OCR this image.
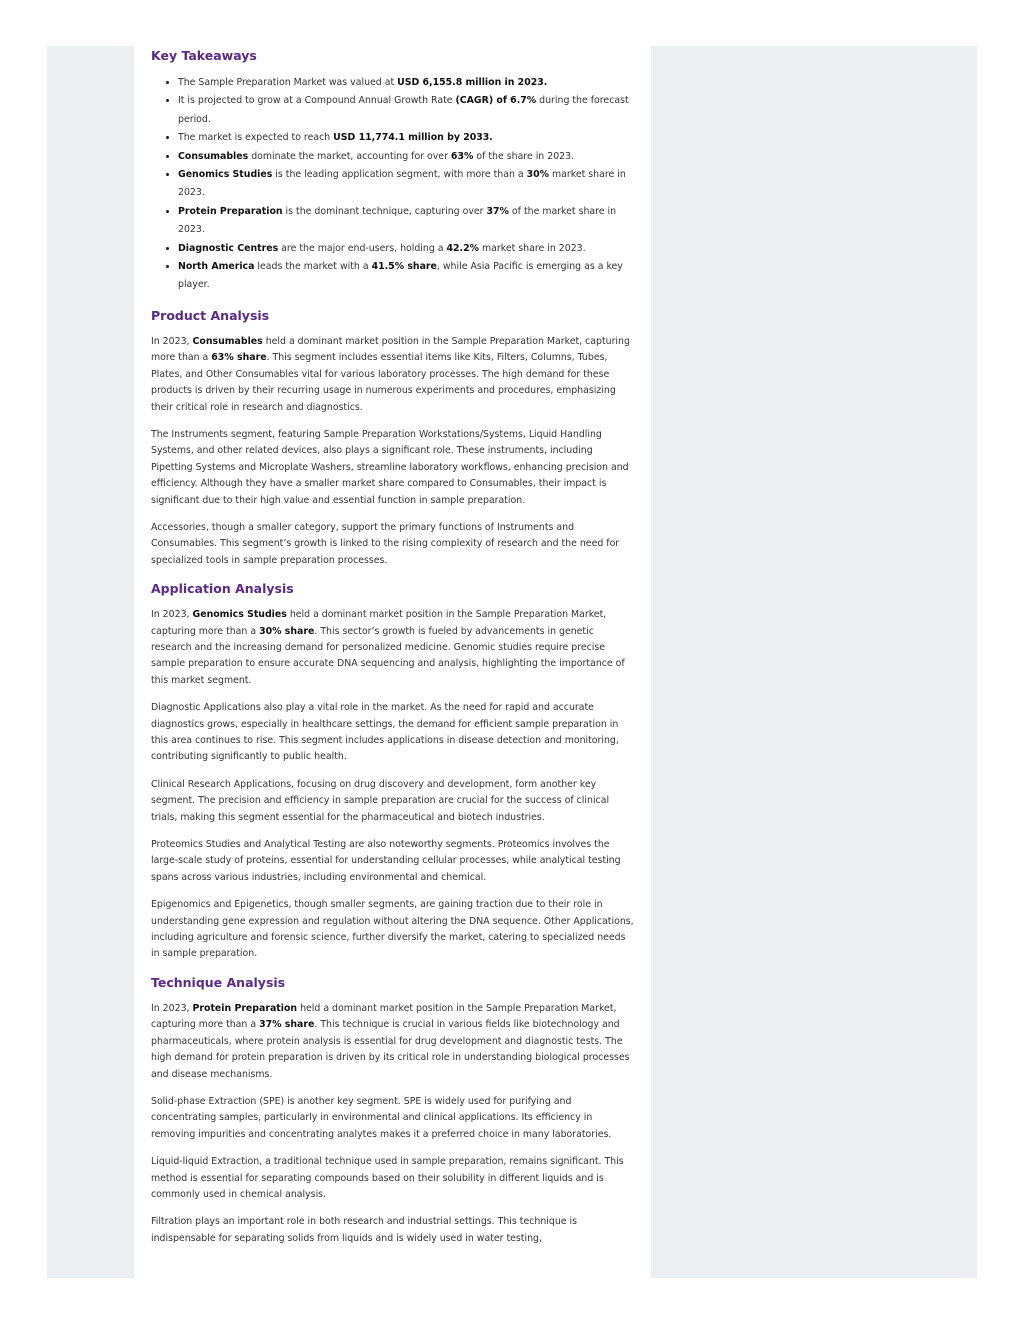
Key Takeaways
• The Sample Preparation Market was valued at USD 6,155.8 million in 2023.
• It is projected to grow at a Compound Annual Growth Rate (CAGR) of 6.7% during the forecast period.
• The market is expected to reach USD 11,774.1 million by 2033.
• Consumables dominate the market, accounting for over 63% of the share in 2023.
• Genomics Studies is the leading application segment, with more than a 30% market share in 2023.
• Protein Preparation is the dominant technique, capturing over 37% of the market share in 2023.
• Diagnostic Centres are the major end-users, holding a 42.2% market share in 2023.
• North America leads the market with a 41.5% share, while Asia Pacific is emerging as a key player.
Product Analysis

In 2023, Consumables held a dominant market position in the Sample Preparation Market, capturing more than a 63% share. This segment includes essential items like Kits, Filters, Columns, Tubes, Plates, and Other Consumables vital for various laboratory processes. The high demand for these products is driven by their recurring usage in numerous experiments and procedures, emphasizing their critical role in research and diagnostics.

The Instruments segment, featuring Sample Preparation Workstations/Systems, Liquid Handling Systems, and other related devices, also plays a significant role. These instruments, including Pipetting Systems and Microplate Washers, streamline laboratory workflows, enhancing precision and efficiency. Although they have a smaller market share compared to Consumables, their impact is significant due to their high value and essential function in sample preparation.

Accessories, though a smaller category, support the primary functions of Instruments and Consumables. This segment’s growth is linked to the rising complexity of research and the need for specialized tools in sample preparation processes.

Application Analysis

In 2023, Genomics Studies held a dominant market position in the Sample Preparation Market, capturing more than a 30% share. This sector’s growth is fueled by advancements in genetic research and the increasing demand for personalized medicine. Genomic studies require precise sample preparation to ensure accurate DNA sequencing and analysis, highlighting the importance of this market segment.

Diagnostic Applications also play a vital role in the market. As the need for rapid and accurate diagnostics grows, especially in healthcare settings, the demand for efficient sample preparation in this area continues to rise. This segment includes applications in disease detection and monitoring, contributing significantly to public health.

Clinical Research Applications, focusing on drug discovery and development, form another key segment. The precision and efficiency in sample preparation are crucial for the success of clinical trials, making this segment essential for the pharmaceutical and biotech industries.

Proteomics Studies and Analytical Testing are also noteworthy segments. Proteomics involves the large-scale study of proteins, essential for understanding cellular processes, while analytical testing spans across various industries, including environmental and chemical.

Epigenomics and Epigenetics, though smaller segments, are gaining traction due to their role in understanding gene expression and regulation without altering the DNA sequence. Other Applications, including agriculture and forensic science, further diversify the market, catering to specialized needs in sample preparation.

Technique Analysis

In 2023, Protein Preparation held a dominant market position in the Sample Preparation Market, capturing more than a 37% share. This technique is crucial in various fields like biotechnology and pharmaceuticals, where protein analysis is essential for drug development and diagnostic tests. The high demand for protein preparation is driven by its critical role in understanding biological processes and disease mechanisms.

Solid-phase Extraction (SPE) is another key segment. SPE is widely used for purifying and concentrating samples, particularly in environmental and clinical applications. Its efficiency in removing impurities and concentrating analytes makes it a preferred choice in many laboratories.

Liquid-liquid Extraction, a traditional technique used in sample preparation, remains significant. This method is essential for separating compounds based on their solubility in different liquids and is commonly used in chemical analysis.

Filtration plays an important role in both research and industrial settings. This technique is indispensable for separating solids from liquids and is widely used in water testing,
